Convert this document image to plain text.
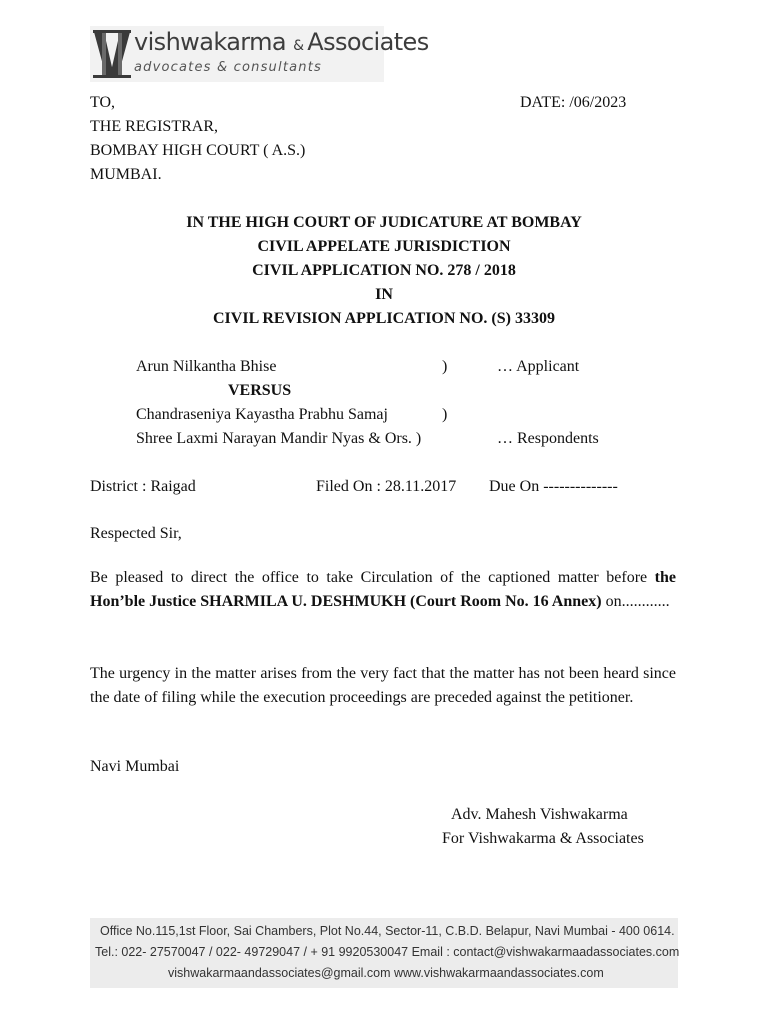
vishwakarma & Associates
advocates & consultants
TO,
THE REGISTRAR,
BOMBAY HIGH COURT ( A.S.)
MUMBAI.
DATE: /06/2023
IN THE HIGH COURT OF JUDICATURE AT BOMBAY
CIVIL APPELATE JURISDICTION
CIVIL APPLICATION NO. 278 / 2018
IN
CIVIL REVISION APPLICATION NO. (S) 33309
Arun Nilkantha Bhise	)	… Applicant
VERSUS
Chandraseniya Kayastha Prabhu Samaj	)
Shree Laxmi Narayan Mandir Nyas & Ors. )	… Respondents
District : Raigad	Filed On : 28.11.2017 Due On --------------
Respected Sir,
Be pleased to direct the office to take Circulation of the captioned matter before the Hon’ble Justice SHARMILA U. DESHMUKH (Court Room No. 16 Annex) on............
The urgency in the matter arises from the very fact that the matter has not been heard since the date of filing while the execution proceedings are preceded against the petitioner.
Navi Mumbai
Adv. Mahesh Vishwakarma
For Vishwakarma & Associates
Office No.115,1st Floor, Sai Chambers, Plot No.44, Sector-11, C.B.D. Belapur, Navi Mumbai - 400 0614.
Tel.: 022- 27570047 / 022- 49729047 / + 91 9920530047 Email : contact@vishwakarmaadassociates.com
vishwakarmaandassociates@gmail.com www.vishwakarmaandassociates.com
